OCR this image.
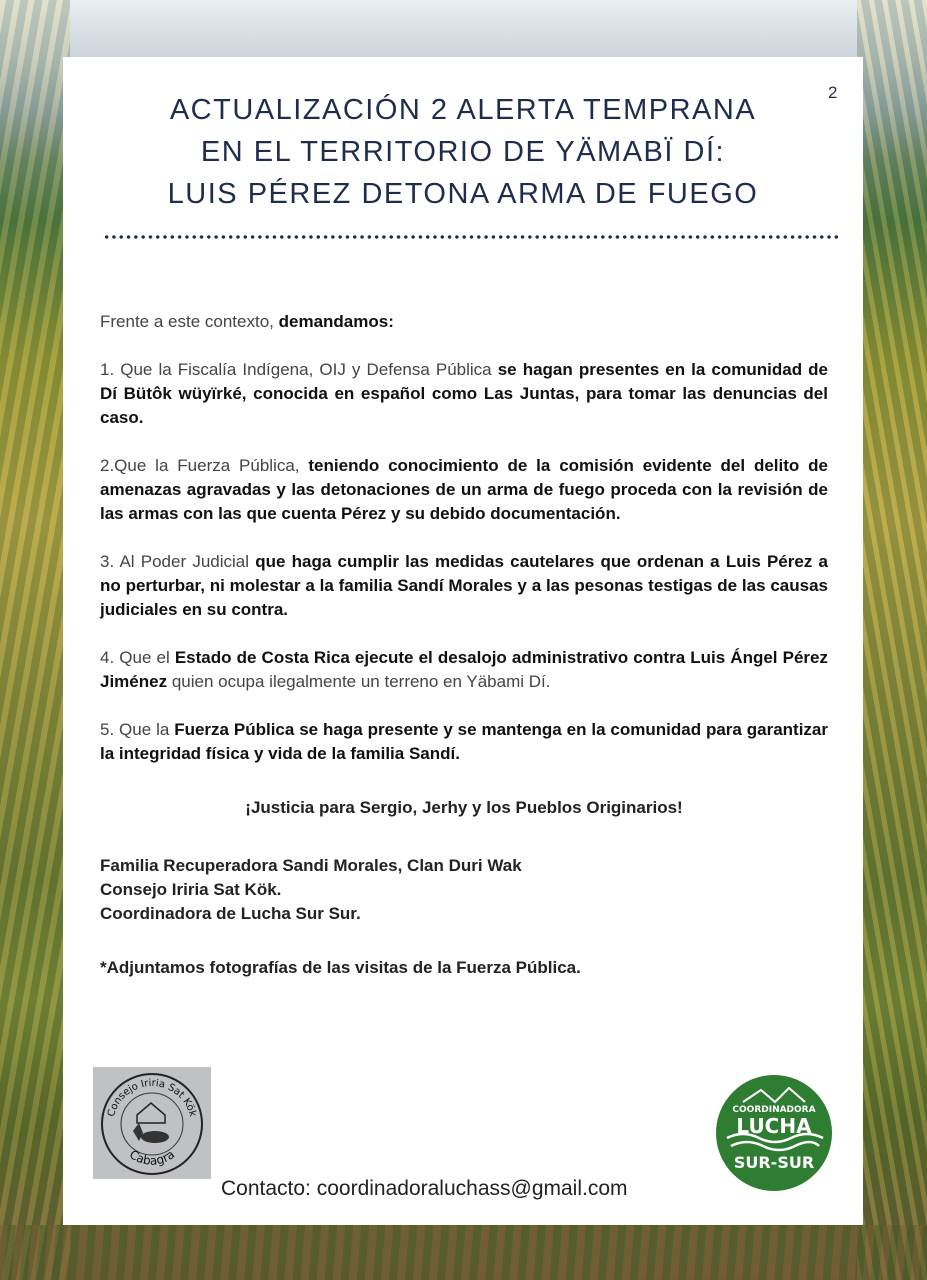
2
ACTUALIZACIÓN 2 ALERTA TEMPRANA
EN EL TERRITORIO DE YÄMABÏ DÍ:
LUIS PÉREZ DETONA ARMA DE FUEGO

Frente a este contexto, demandamos:

1. Que la Fiscalía Indígena, OIJ y Defensa Pública se hagan presentes en la comunidad de Dí Bütôk wüyïrké, conocida en español como Las Juntas, para tomar las denuncias del caso.

2.Que la Fuerza Pública, teniendo conocimiento de la comisión evidente del delito de amenazas agravadas y las detonaciones de un arma de fuego proceda con la revisión de las armas con las que cuenta Pérez y su debido documentación.

3. Al Poder Judicial que haga cumplir las medidas cautelares que ordenan a Luis Pérez a no perturbar, ni molestar a la familia Sandí Morales y a las pesonas testigas de las causas judiciales en su contra.

4. Que el Estado de Costa Rica ejecute el desalojo administrativo contra Luis Ángel Pérez Jiménez quien ocupa ilegalmente un terreno en Yäbami Dí.

5. Que la Fuerza Pública se haga presente y se mantenga en la comunidad para garantizar la integridad física y vida de la familia Sandí.

¡Justicia para Sergio, Jerhy y los Pueblos Originarios!

Familia Recuperadora Sandi Morales, Clan Duri Wak

Consejo Iriria Sat Kök.

Coordinadora de Lucha Sur Sur.

*Adjuntamos fotografías de las visitas de la Fuerza Pública.

Consejo Iriria Sat Kök
Cabagra
Contacto: coordinadoraluchass@gmail.com
COORDINADORA
LUCHA
SUR-SUR
